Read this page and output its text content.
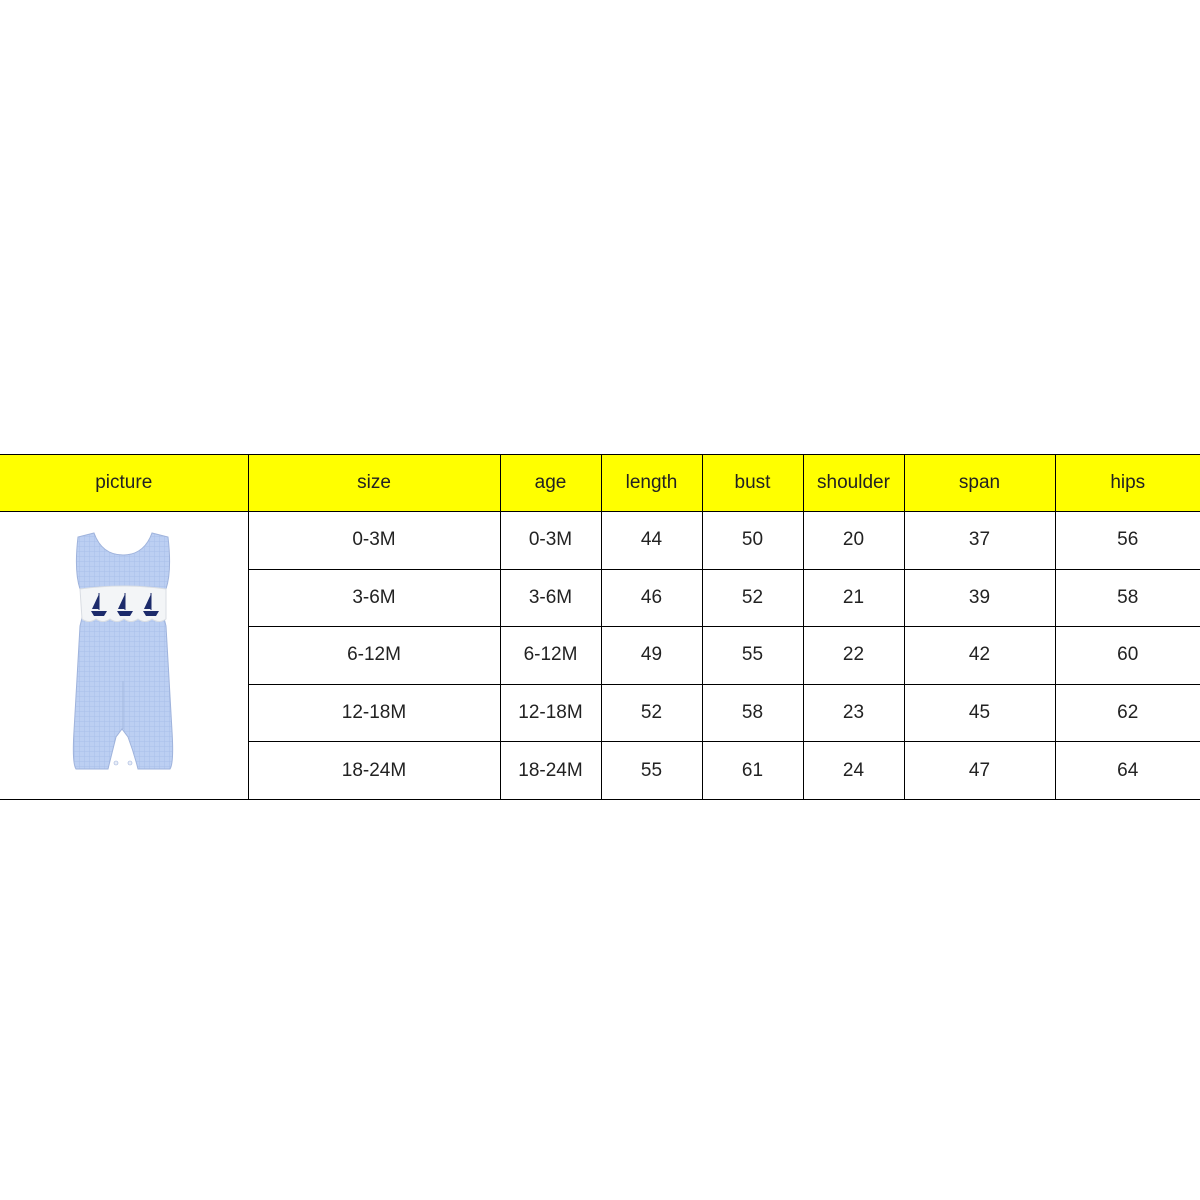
picture	size	age	length	bust	shoulder	span	hips

	0-3M	0-3M	44	50	20	37	56
	3-6M	3-6M	46	52	21	39	58
	6-12M	6-12M	49	55	22	42	60
	12-18M	12-18M	52	58	23	45	62
	18-24M	18-24M	55	61	24	47	64
